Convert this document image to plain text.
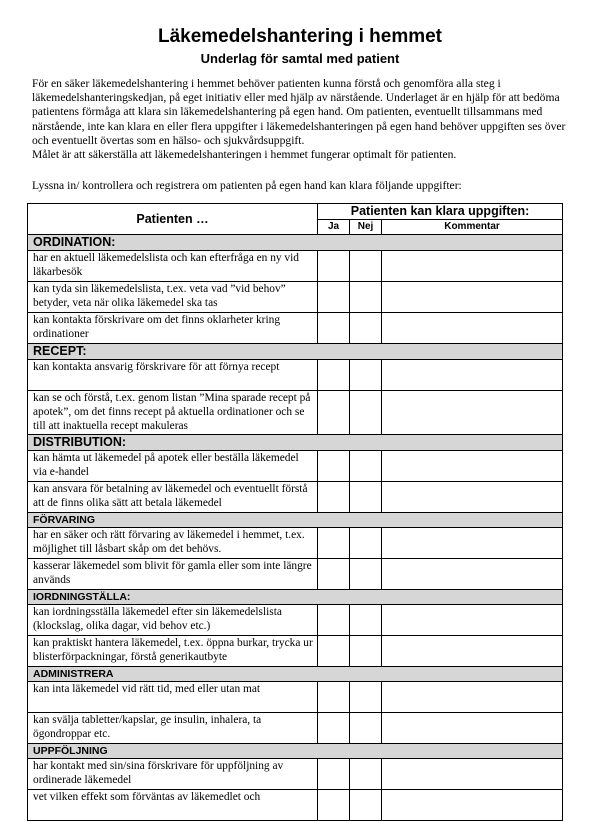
Läkemedelshantering i hemmet
Underlag för samtal med patient
För en säker läkemedelshantering i hemmet behöver patienten kunna förstå och genomföra alla steg i läkemedelshanteringskedjan, på eget initiativ eller med hjälp av närstående. Underlaget är en hjälp för att bedöma patientens förmåga att klara sin läkemedelshantering på egen hand. Om patienten, eventuellt tillsammans med närstående, inte kan klara en eller flera uppgifter i läkemedelshanteringen på egen hand behöver uppgiften ses över och eventuellt övertas som en hälso- och sjukvårdsuppgift.
Målet är att säkerställa att läkemedelshanteringen i hemmet fungerar optimalt för patienten.
Lyssna in/ kontrollera och registrera om patienten på egen hand kan klara följande uppgifter:
Patienten …	Patienten kan klara uppgiften:		
	Ja	Nej	Kommentar
ORDINATION:			
har en aktuell läkemedelslista och kan efterfråga en ny vid läkarbesök			
kan tyda sin läkemedelslista, t.ex. veta vad ”vid behov” betyder, veta när olika läkemedel ska tas			
kan kontakta förskrivare om det finns oklarheter kring ordinationer			
RECEPT:			
kan kontakta ansvarig förskrivare för att förnya recept			
kan se och förstå, t.ex. genom listan ”Mina sparade recept på apotek”, om det finns recept på aktuella ordinationer och se till att inaktuella recept makuleras			
DISTRIBUTION:			
kan hämta ut läkemedel på apotek eller beställa läkemedel via e-handel			
kan ansvara för betalning av läkemedel och eventuellt förstå att de finns olika sätt att betala läkemedel			
FÖRVARING			
har en säker och rätt förvaring av läkemedel i hemmet, t.ex. möjlighet till låsbart skåp om det behövs.			
kasserar läkemedel som blivit för gamla eller som inte längre används			
IORDNINGSTÄLLA:			
kan iordningsställa läkemedel efter sin läkemedelslista (klockslag, olika dagar, vid behov etc.)			
kan praktiskt hantera läkemedel, t.ex. öppna burkar, trycka ur blisterförpackningar, förstå generikautbyte			
ADMINISTRERA			
kan inta läkemedel vid rätt tid, med eller utan mat			
kan svälja tabletter/kapslar, ge insulin, inhalera, ta ögondroppar etc.			
UPPFÖLJNING			
har kontakt med sin/sina förskrivare för uppföljning av ordinerade läkemedel			
vet vilken effekt som förväntas av läkemedlet och			
